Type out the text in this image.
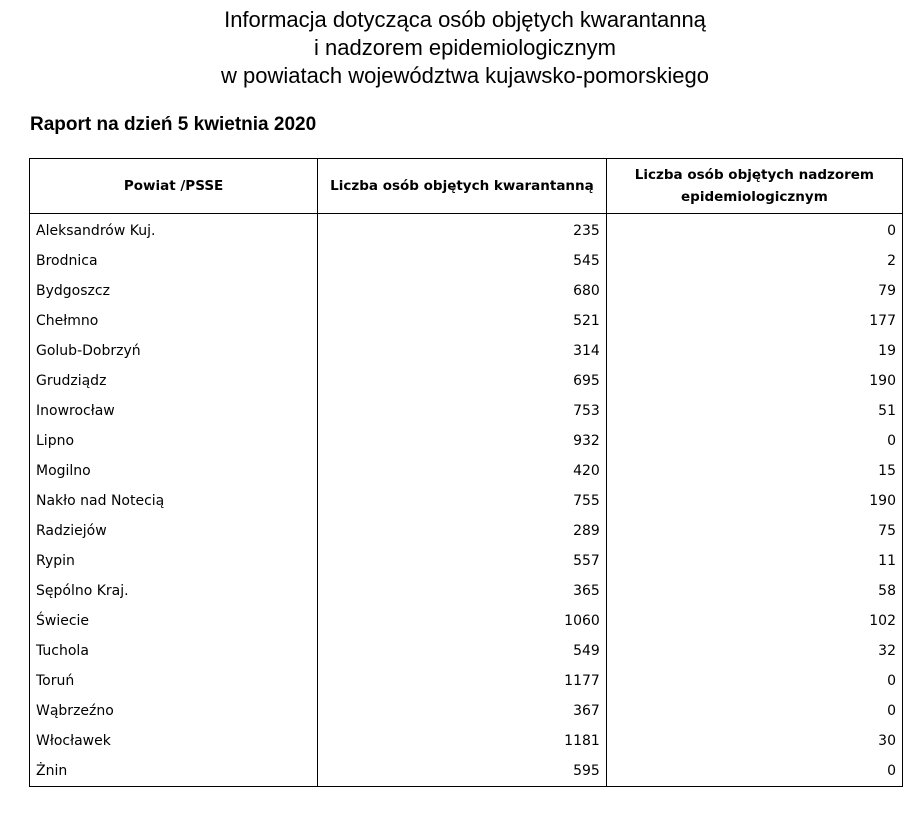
Informacja dotycząca osób objętych kwarantanną
i nadzorem epidemiologicznym
w powiatach województwa kujawsko-pomorskiego
Raport na dzień 5 kwietnia 2020
Powiat /PSSE	Liczba osób objętych kwarantanną	Liczba osób objętych nadzorem
epidemiologicznym
Aleksandrów Kuj.	235	0
Brodnica	545	2
Bydgoszcz	680	79
Chełmno	521	177
Golub-Dobrzyń	314	19
Grudziądz	695	190
Inowrocław	753	51
Lipno	932	0
Mogilno	420	15
Nakło nad Notecią	755	190
Radziejów	289	75
Rypin	557	11
Sępólno Kraj.	365	58
Świecie	1060	102
Tuchola	549	32
Toruń	1177	0
Wąbrzeźno	367	0
Włocławek	1181	30
Żnin	595	0
